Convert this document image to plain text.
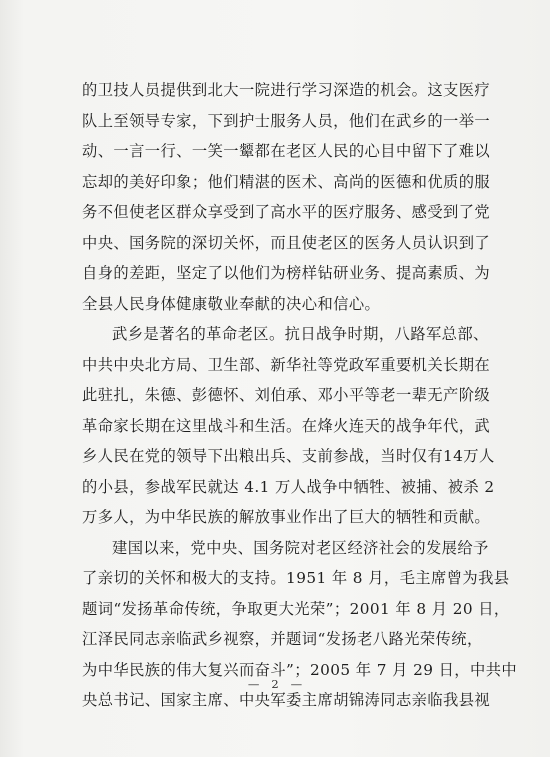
的卫技人员提供到北大一院进行学习深造的机会。这支医疗
队上至领导专家，下到护士服务人员，他们在武乡的一举一
动、一言一行、一笑一颦都在老区人民的心目中留下了难以
忘却的美好印象；他们精湛的医术、高尚的医德和优质的服
务不但使老区群众享受到了高水平的医疗服务、感受到了党
中央、国务院的深切关怀，而且使老区的医务人员认识到了
自身的差距，坚定了以他们为榜样钻研业务、提高素质、为
全县人民身体健康敬业奉献的决心和信心。
武乡是著名的革命老区。抗日战争时期，八路军总部、
中共中央北方局、卫生部、新华社等党政军重要机关长期在
此驻扎，朱德、彭德怀、刘伯承、邓小平等老一辈无产阶级
革命家长期在这里战斗和生活。在烽火连天的战争年代，武
乡人民在党的领导下出粮出兵、支前参战，当时仅有14万人
的小县，参战军民就达 4.1 万人战争中牺牲、被捕、被杀 2
万多人，为中华民族的解放事业作出了巨大的牺牲和贡献。
建国以来，党中央、国务院对老区经济社会的发展给予
了亲切的关怀和极大的支持。1951 年 8 月，毛主席曾为我县
题词“发扬革命传统，争取更大光荣”；2001 年 8 月 20 日，
江泽民同志亲临武乡视察，并题词“发扬老八路光荣传统，
为中华民族的伟大复兴而奋斗”；2005 年 7 月 29 日，中共中
央总书记、国家主席、中央军委主席胡锦涛同志亲临我县视
— 2 —
